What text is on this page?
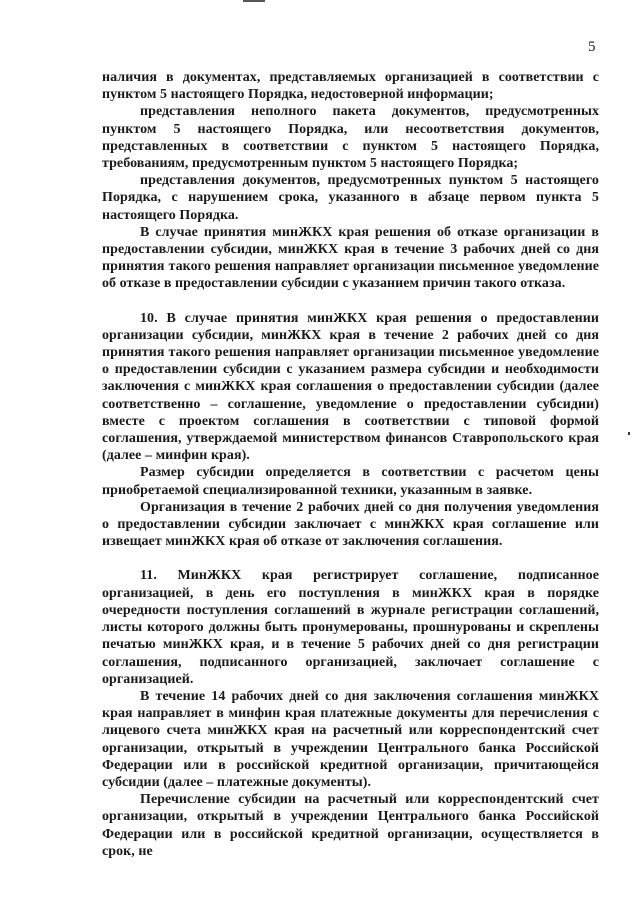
5

наличия в документах, представляемых организацией в соответствии с пунктом 5 настоящего Порядка, недостоверной информации;

представления неполного пакета документов, предусмотренных пунктом 5 настоящего Порядка, или несоответствия документов, представленных в соответствии с пунктом 5 настоящего Порядка, требованиям, предусмотренным пунктом 5 настоящего Порядка;

представления документов, предусмотренных пунктом 5 настоящего Порядка, с нарушением срока, указанного в абзаце первом пункта 5 настоящего Порядка.

В случае принятия минЖКХ края решения об отказе организации в предоставлении субсидии, минЖКХ края в течение 3 рабочих дней со дня принятия такого решения направляет организации письменное уведомление об отказе в предоставлении субсидии с указанием причин такого отказа.

10. В случае принятия минЖКХ края решения о предоставлении организации субсидии, минЖКХ края в течение 2 рабочих дней со дня принятия такого решения направляет организации письменное уведомление о предоставлении субсидии с указанием размера субсидии и необходимости заключения с минЖКХ края соглашения о предоставлении субсидии (далее соответственно – соглашение, уведомление о предоставлении субсидии) вместе с проектом соглашения в соответствии с типовой формой соглашения, утверждаемой министерством финансов Ставропольского края (далее – минфин края).

Размер субсидии определяется в соответствии с расчетом цены приобретаемой специализированной техники, указанным в заявке.

Организация в течение 2 рабочих дней со дня получения уведомления о предоставлении субсидии заключает с минЖКХ края соглашение или извещает минЖКХ края об отказе от заключения соглашения.

11. МинЖКХ края регистрирует соглашение, подписанное организацией, в день его поступления в минЖКХ края в порядке очередности поступления соглашений в журнале регистрации соглашений, листы которого должны быть пронумерованы, прошнурованы и скреплены печатью минЖКХ края, и в течение 5 рабочих дней со дня регистрации соглашения, подписанного организацией, заключает соглашение с организацией.

В течение 14 рабочих дней со дня заключения соглашения минЖКХ края направляет в минфин края платежные документы для перечисления с лицевого счета минЖКХ края на расчетный или корреспондентский счет организации, открытый в учреждении Центрального банка Российской Федерации или в российской кредитной организации, причитающейся субсидии (далее – платежные документы).

Перечисление субсидии на расчетный или корреспондентский счет организации, открытый в учреждении Центрального банка Российской Федерации или в российской кредитной организации, осуществляется в срок, не
